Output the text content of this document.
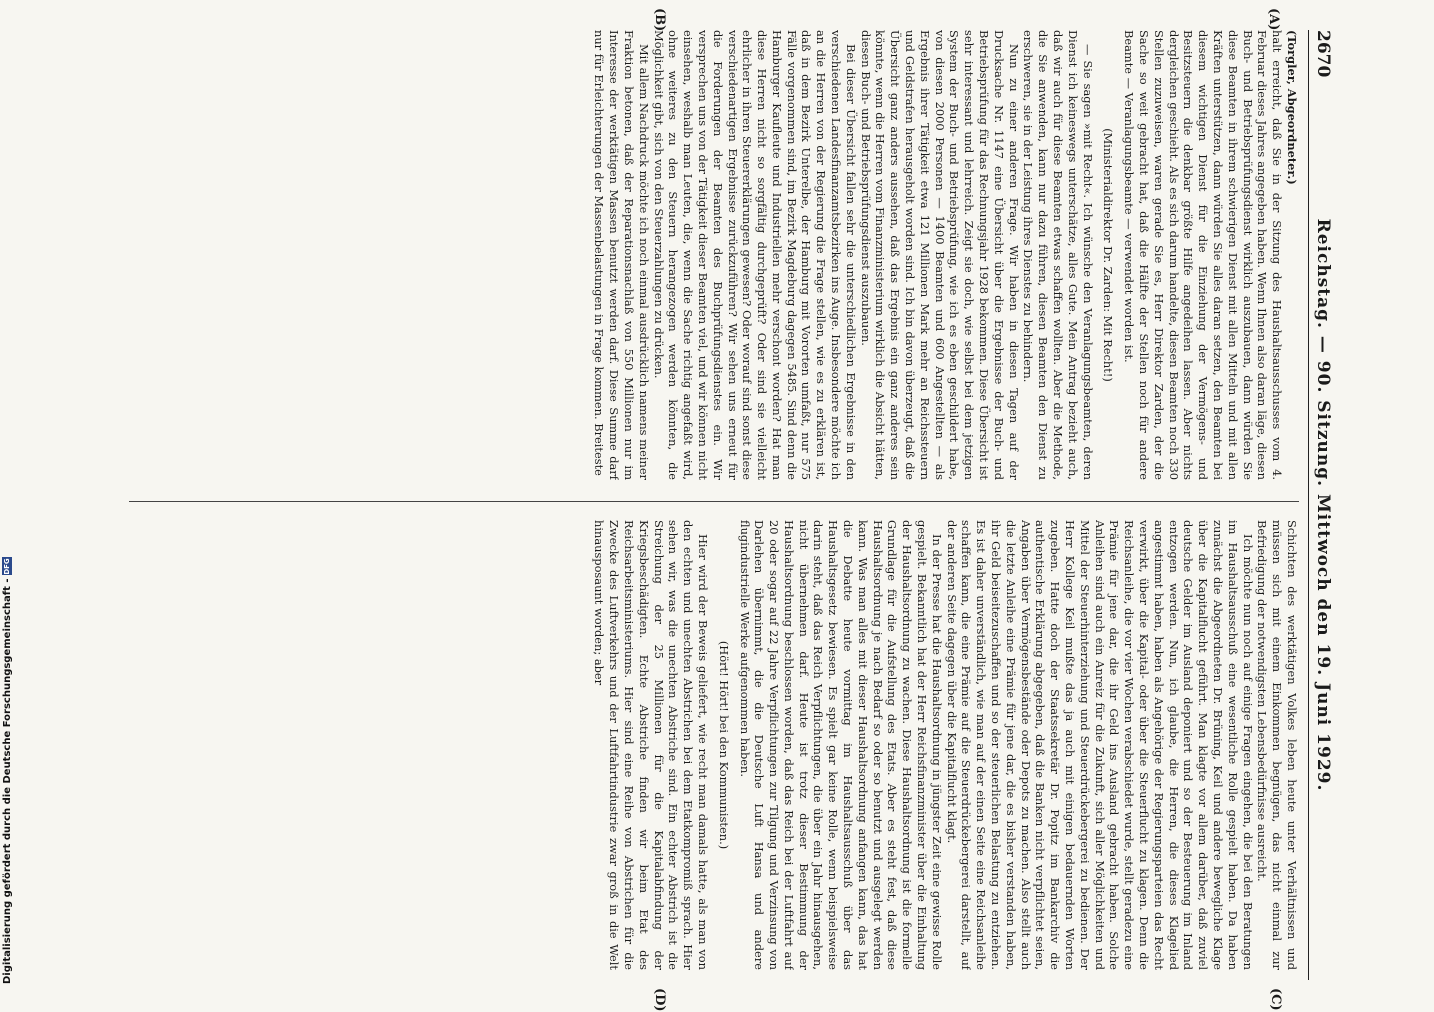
2670
Reichstag. — 90. Sitzung. Mittwoch den 19. Juni 1929.
(A)
(B)
(C)
(D)

(Torgler, Abgeordneter.)

halt erreicht, daß Sie in der Sitzung des Haushaltsausschusses vom 4. Februar dieses Jahres angegeben haben. Wenn Ihnen also daran läge, diesen Buch- und Betriebsprüfungsdienst wirklich auszubauen, dann würden Sie diese Beamten in ihrem schwierigen Dienst mit allen Mitteln und mit allen Kräften unterstützen, dann würden Sie alles daran setzen, den Beamten bei diesem wichtigen Dienst für die Einziehung der Vermögens- und Besitzsteuern die denkbar größte Hilfe angedeihen lassen. Aber nichts dergleichen geschieht. Als es sich darum handelte, diesen Beamten noch 330 Stellen zuzuweisen, waren gerade Sie es, Herr Direktor Zarden, der die Sache so weit gebracht hat, daß die Hälfte der Stellen noch für andere Beamte — Veranlagungsbeamte — verwendet worden ist.

(Ministerialdirektor Dr. Zarden: Mit Recht!)

— Sie sagen »mit Recht«. Ich wünsche den Veranlagungsbeamten, deren Dienst ich keineswegs unterschätze, alles Gute. Mein Antrag bezieht auch, daß wir auch für diese Beamten etwas schaffen wollten. Aber die Methode, die Sie anwenden, kann nur dazu führen, diesen Beamten den Dienst zu erschweren, sie in der Leistung ihres Dienstes zu behindern.

Nun zu einer anderen Frage. Wir haben in diesen Tagen auf der Drucksache Nr. 1147 eine Übersicht über die Ergebnisse der Buch- und Betriebsprüfung für das Rechnungsjahr 1928 bekommen. Diese Übersicht ist sehr interessant und lehrreich. Zeigt sie doch, wie selbst bei dem jetzigen System der Buch- und Betriebsprüfung, wie ich es eben geschildert habe, von diesen 2000 Personen — 1400 Beamten und 600 Angestellten — als Ergebnis ihrer Tätigkeit etwa 121 Millionen Mark mehr an Reichssteuern und Geldstrafen herausgeholt worden sind. Ich bin davon überzeugt, daß die Übersicht ganz anders aussehen, daß das Ergebnis ein ganz anderes sein könnte, wenn die Herren vom Finanzministerium wirklich die Absicht hätten, diesen Buch- und Betriebsprüfungsdienst auszubauen.

Bei dieser Übersicht fallen sehr die unterschiedlichen Ergebnisse in den verschiedenen Landesfinanzamtsbezirken ins Auge. Insbesondere möchte ich an die Herren von der Regierung die Frage stellen, wie es zu erklären ist, daß in dem Bezirk Unterelbe, der Hamburg mit Vororten umfaßt, nur 575 Fälle vorgenommen sind, im Bezirk Magdeburg dagegen 5485. Sind denn die Hamburger Kaufleute und Industriellen mehr verschont worden? Hat man diese Herren nicht so sorgfältig durchgeprüft? Oder sind sie vielleicht ehrlicher in ihren Steuererklärungen gewesen? Oder worauf sind sonst diese verschiedenartigen Ergebnisse zurückzuführen? Wir sehen uns erneut für die Forderungen der Beamten des Buchprüfungsdienstes ein. Wir versprechen uns von der Tätigkeit dieser Beamten viel, und wir können nicht einsehen, weshalb man Leuten, die, wenn die Sache richtig angefaßt wird, ohne weiteres zu den Steuern herangezogen werden könnten, die Möglichkeit gibt, sich von den Steuerzahlungen zu drücken.

Mit allem Nachdruck möchte ich noch einmal ausdrücklich namens meiner Fraktion betonen, daß der Reparationsnachlaß von 550 Millionen nur im Interesse der werktätigen Massen benutzt werden darf. Diese Summe darf nur für Erleichterungen der Massenbelastungen in Frage kommen. Breiteste

Schichten des werktätigen Volkes leben heute unter Verhältnissen und müssen sich mit einem Einkommen begnügen, das nicht einmal zur Befriedigung der notwendigsten Lebensbedürfnisse ausreicht.

Ich möchte nun noch auf einige Fragen eingehen, die bei den Beratungen im Haushaltsausschuß eine wesentliche Rolle gespielt haben. Da haben zunächst die Abgeordneten Dr. Brüning, Keil und andere bewegliche Klage über die Kapitalflucht geführt. Man klagte vor allem darüber, daß zuviel deutsche Gelder im Ausland deponiert und so der Besteuerung im Inland entzogen werden. Nun, ich glaube, die Herren, die dieses Klagelied angestimmt haben, haben als Angehörige der Regierungsparteien das Recht verwirkt, über die Kapital- oder über die Steuerflucht zu klagen. Denn die Reichsanleihe, die vor vier Wochen verabschiedet wurde, stellt geradezu eine Prämie für jene dar, die ihr Geld ins Ausland gebracht haben. Solche Anleihen sind auch ein Anreiz für die Zukunft, sich aller Möglichkeiten und Mittel der Steuerhinterziehung und Steuerdrückebergerei zu bedienen. Der Herr Kollege Keil mußte das ja auch mit einigen bedauernden Worten zugeben. Hatte doch der Staatssekretär Dr. Popitz im Bankarchiv die authentische Erklärung abgegeben, daß die Banken nicht verpflichtet seien, Angaben über Vermögensbestände oder Depots zu machen. Also stellt auch die letzte Anleihe eine Prämie für jene dar, die es bisher verstanden haben, ihr Geld beiseitezuschaffen und so der steuerlichen Belastung zu entziehen. Es ist daher unverständlich, wie man auf der einen Seite eine Reichsanleihe schaffen kann, die eine Prämie auf die Steuerdrückebergerei darstellt, auf der anderen Seite dagegen über die Kapitalflucht klagt.

In der Presse hat die Haushaltsordnung in jüngster Zeit eine gewisse Rolle gespielt. Bekanntlich hat der Herr Reichsfinanzminister über die Einhaltung der Haushaltsordnung zu wachen. Diese Haushaltsordnung ist die formelle Grundlage für die Aufstellung des Etats. Aber es steht fest, daß diese Haushaltsordnung je nach Bedarf so oder so benutzt und ausgelegt werden kann. Was man alles mit dieser Haushaltsordnung anfangen kann, das hat die Debatte heute vormittag im Haushaltsausschuß über das Haushaltsgesetz bewiesen. Es spielt gar keine Rolle, wenn beispielsweise darin steht, daß das Reich Verpflichtungen, die über ein Jahr hinausgehen, nicht übernehmen darf. Heute ist trotz dieser Bestimmung der Haushaltsordnung beschlossen worden, daß das Reich bei der Luftfahrt auf 20 oder sogar auf 22 Jahre Verpflichtungen zur Tilgung und Verzinsung von Darlehen übernimmt, die die Deutsche Luft Hansa und andere flugindustrielle Werke aufgenommen haben.

(Hört! Hört! bei den Kommunisten.)

Hier wird der Beweis geliefert, wie recht man damals hatte, als man von den echten und unechten Abstrichen bei dem Etatkompromiß sprach. Hier sehen wir, was die unechten Abstriche sind. Ein echter Abstrich ist die Streichung der 25 Millionen für die Kapitalabfindung der Kriegsbeschädigten. Echte Abstriche finden wir beim Etat des Reichsarbeitsministeriums. Hier sind eine Reihe von Abstrichen für die Zwecke des Luftverkehrs und der Luftfahrtindustrie zwar groß in die Welt hinausposaunt worden; aber

Digitalisierung gefördert durch die Deutsche Forschungsgemeinschaft -DFG
